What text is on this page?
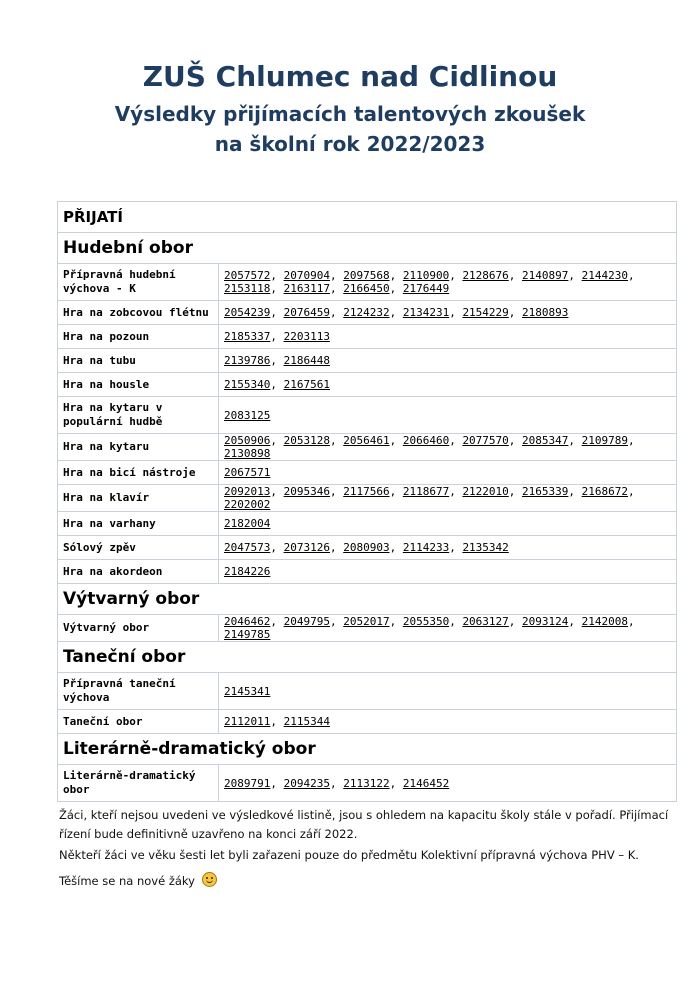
ZUŠ Chlumec nad Cidlinou
Výsledky přijímacích talentových zkoušek
na školní rok 2022/2023
PŘIJATÍ	
Hudební obor	
Přípravná hudební výchova - K	2057572, 2070904, 2097568, 2110900, 2128676, 2140897, 2144230, 2153118, 2163117, 2166450, 2176449
Hra na zobcovou flétnu	2054239, 2076459, 2124232, 2134231, 2154229, 2180893
Hra na pozoun	2185337, 2203113
Hra na tubu	2139786, 2186448
Hra na housle	2155340, 2167561
Hra na kytaru v populární hudbě	2083125
Hra na kytaru	2050906, 2053128, 2056461, 2066460, 2077570, 2085347, 2109789, 2130898
Hra na bicí nástroje	2067571
Hra na klavír	2092013, 2095346, 2117566, 2118677, 2122010, 2165339, 2168672, 2202002
Hra na varhany	2182004
Sólový zpěv	2047573, 2073126, 2080903, 2114233, 2135342
Hra na akordeon	2184226
Výtvarný obor	
Výtvarný obor	2046462, 2049795, 2052017, 2055350, 2063127, 2093124, 2142008, 2149785
Taneční obor	
Přípravná taneční výchova	2145341
Taneční obor	2112011, 2115344
Literárně-dramatický obor	
Literárně-dramatický obor	2089791, 2094235, 2113122, 2146452
Žáci, kteří nejsou uvedeni ve výsledkové listině, jsou s ohledem na kapacitu školy stále v pořadí. Přijímací řízení bude definitivně uzavřeno na konci září 2022.
Někteří žáci ve věku šesti let byli zařazeni pouze do předmětu Kolektivní přípravná výchova PHV – K.
Těšíme se na nové žáky
